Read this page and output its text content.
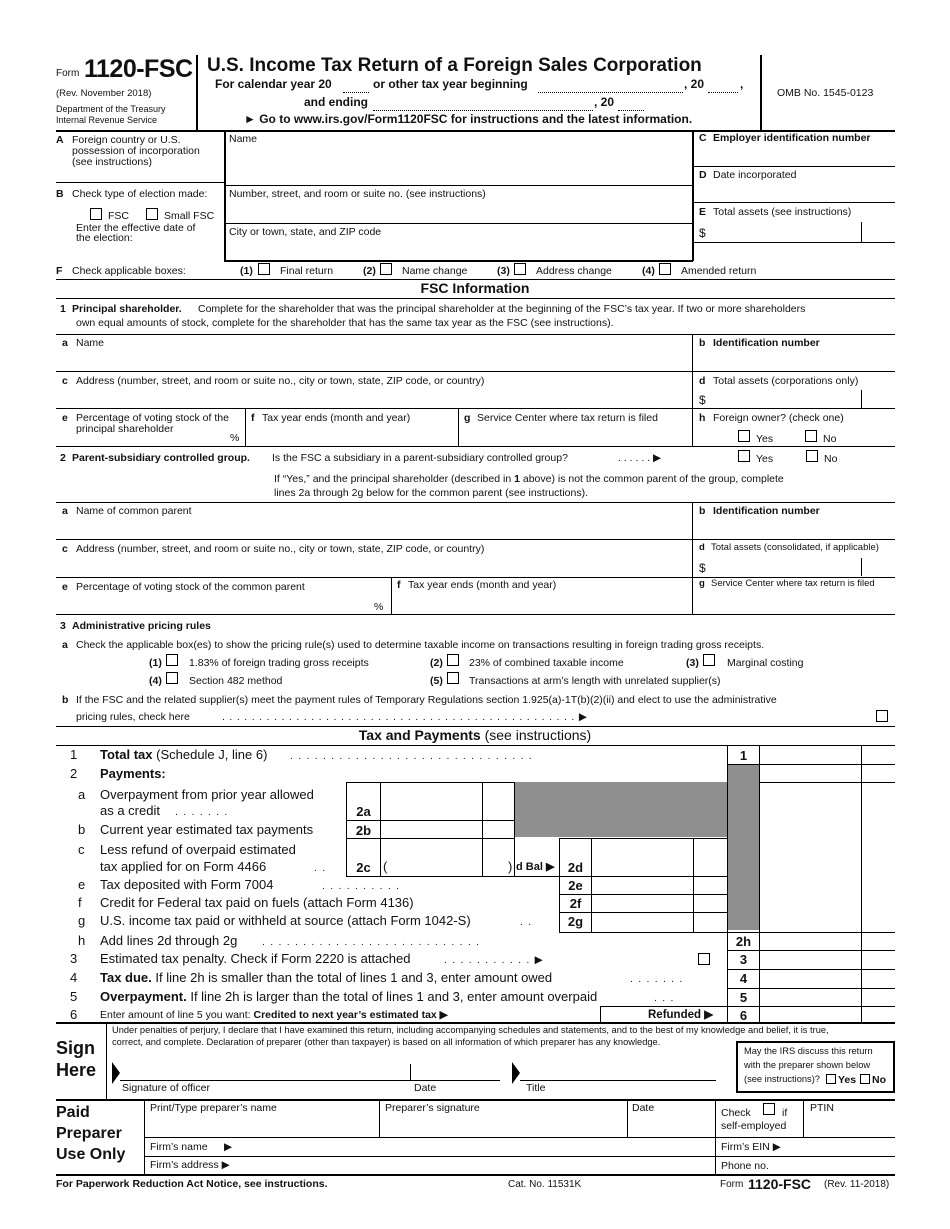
Form 1120-FSC
(Rev. November 2018)
Department of the Treasury
Internal Revenue Service
U.S. Income Tax Return of a Foreign Sales Corporation
For calendar year 20	or other tax year beginning	, 20	,
and ending	, 20
► Go to www.irs.gov/Form1120FSC for instructions and the latest information.
OMB No. 1545-0123
A Foreign country or U.S.
possession of incorporation
(see instructions)
B Check type of election made:
FSC	Small FSC
Enter the effective date of
the election:
Name
Number, street, and room or suite no. (see instructions)
City or town, state, and ZIP code
C Employer identification number
D Date incorporated
E Total assets (see instructions)
$
F Check applicable boxes:	(1)	Final return	(2) Name change	(3) Address change	(4) Amended return
FSC Information
1 Principal shareholder. Complete for the shareholder that was the principal shareholder at the beginning of the FSC’s tax year. If two or more shareholders
own equal amounts of stock, complete for the shareholder that has the same tax year as the FSC (see instructions).
a Name	b Identification number
c Address (number, street, and room or suite no., city or town, state, ZIP code, or country)	d Total assets (corporations only)
$
e Percentage of voting stock of the
principal shareholder
%
f Tax year ends (month and year)	g Service Center where tax return is filed	h Foreign owner? (check one)
Yes	No
2 Parent-subsidiary controlled group. Is the FSC a subsidiary in a parent-subsidiary controlled group?	. . . . . . ▶	Yes	No
If “Yes,” and the principal shareholder (described in 1 above) is not the common parent of the group, complete
lines 2a through 2g below for the common parent (see instructions).
a Name of common parent	b Identification number
c Address (number, street, and room or suite no., city or town, state, ZIP code, or country)	d Total assets (consolidated, if applicable)
$
e Percentage of voting stock of the common parent
%
f Tax year ends (month and year)	g Service Center where tax return is filed
3 Administrative pricing rules
a Check the applicable box(es) to show the pricing rule(s) used to determine taxable income on transactions resulting in foreign trading gross receipts.
(1)	1.83% of foreign trading gross receipts	(2) 23% of combined taxable income	(3)	Marginal costing
(4)	Section 482 method	(5) Transactions at arm’s length with unrelated supplier(s)
b If the FSC and the related supplier(s) meet the payment rules of Temporary Regulations section 1.925(a)-1T(b)(2)(ii) and elect to use the administrative
pricing rules, check here	. . . . . . . . . . . . . . . . . . . . . . . . . . . . . . . . . . . . . . . . . . . . . . . . ▶
Tax and Payments (see instructions)
1 Total tax (Schedule J, line 6) . . . . . . . . . . . . . . . . . . . . . . . . . . . . . .	1
2 Payments:
a Overpayment from prior year allowed
as a credit . . . . . . .	2a
b Current year estimated tax payments	2b
c Less refund of overpaid estimated
tax applied for on Form 4466	. .	2c (	) d Bal ▶	2d
e Tax deposited with Form 7004	. . . . . . . . . .	2e
f Credit for Federal tax paid on fuels (attach Form 4136)	2f
g U.S. income tax paid or withheld at source (attach Form 1042-S)	. .	2g
h Add lines 2d through 2g . . . . . . . . . . . . . . . . . . . . . . . . . . .	2h
3 Estimated tax penalty. Check if Form 2220 is attached	. . . . . . . . . . . ▶	3
4 Tax due. If line 2h is smaller than the total of lines 1 and 3, enter amount owed	. . . . . . .	4
5 Overpayment. If line 2h is larger than the total of lines 1 and 3, enter amount overpaid	. . .	5
6 Enter amount of line 5 you want: Credited to next year’s estimated tax ▶	Refunded ▶	6
Sign
Here
Under penalties of perjury, I declare that I have examined this return, including accompanying schedules and statements, and to the best of my knowledge and belief, it is true,
correct, and complete. Declaration of preparer (other than taxpayer) is based on all information of which preparer has any knowledge.
Signature of officer	Date	Title
May the IRS discuss this return
with the preparer shown below
(see instructions)? Yes No
Paid
Preparer
Use Only
Print/Type preparer’s name	Preparer’s signature	Date	Check	if
self-employed
PTIN
Firm’s name ▶	Firm’s EIN ▶
Firm’s address ▶	Phone no.
For Paperwork Reduction Act Notice, see instructions.	Cat. No. 11531K	Form 1120-FSC (Rev. 11-2018)
